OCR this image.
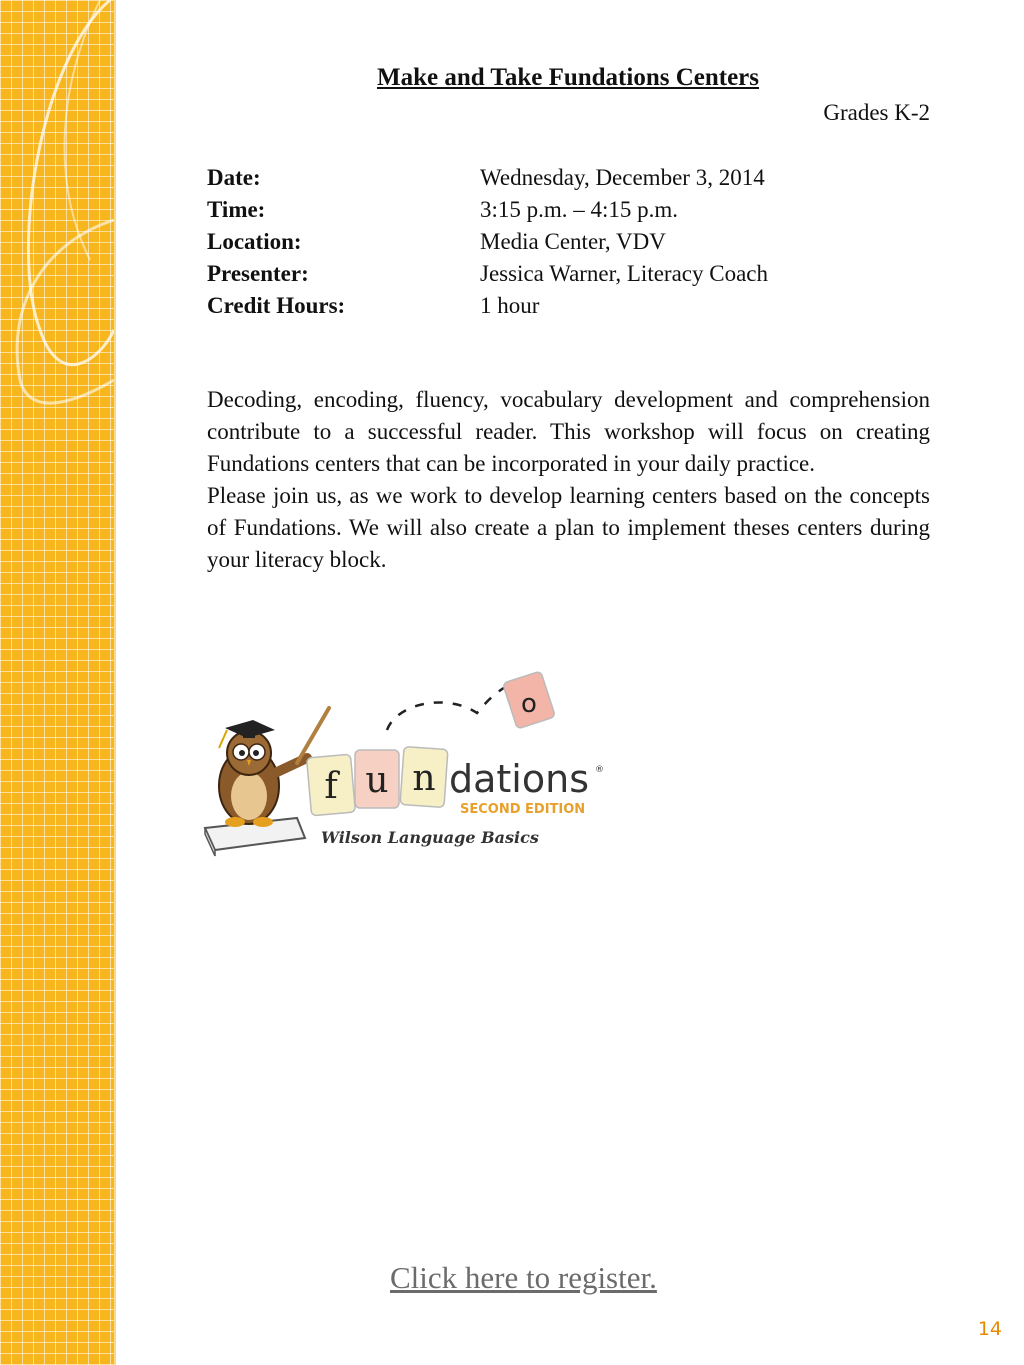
Make and Take Fundations Centers
Grades K-2
Date:	Wednesday, December 3, 2014
Time:	3:15 p.m. – 4:15 p.m.
Location:	Media Center, VDV
Presenter:	Jessica Warner, Literacy Coach
Credit Hours:	1 hour

Decoding, encoding, fluency, vocabulary development and comprehension contribute to a successful reader. This workshop will focus on creating Fundations centers that can be incorporated in your daily practice.

Please join us, as we work to develop learning centers based on the concepts of Fundations. We will also create a plan to implement theses centers during your literacy block.

f u n
o
dations ®
SECOND EDITION
Wilson Language Basics
Click here to register.
14
